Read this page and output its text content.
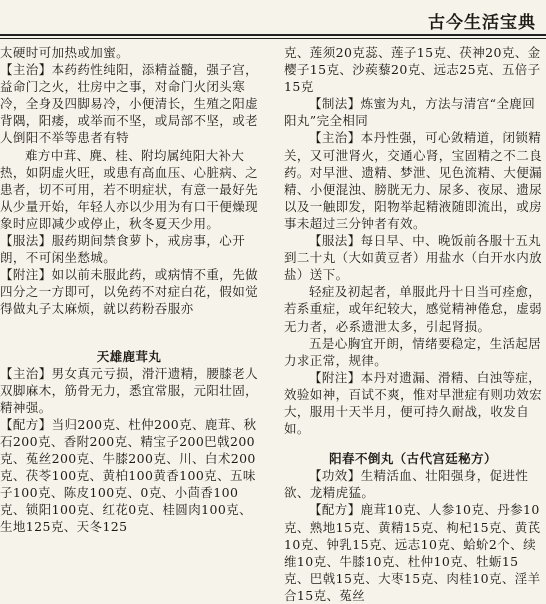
古今生活宝典

太硬时可加热或加蜜。

【主治】本药药性纯阳，添精益髓，强子宫，益命门之火，壮房中之事，对命门火闭头寒冷，全身及四脚易冷，小便清长，生殖之阳虚背隅，阳痿，或举而不坚，或局部不坚，或老人倒阳不举等患者有特

难方中茸、麂、桂、附均属纯阳大补大热，如阴虚火旺，或患有高血压、心脏病、之患者，切不可用，若不明症状，有意一最好先从少量开始，年轻人亦以少用为有口干便燥现象时应即减少或停止，秋冬夏天少用。

【服法】服药期间禁食萝卜，戒房事，心开朗，不可闲坐愁城。

【附注】如以前未服此药，或病情不重，先做四分之一方即可，以免药不对症白花，假如觉得做丸子太麻烦，就以药粉吞服亦

天雄鹿茸丸

【主治】男女真元亏损，滑汗遗精，腰膝老人双脚麻木，筋骨无力，悉宜常服，元阳壮固，精神强。

【配方】当归200克、杜仲200克、鹿茸、秋石200克、香附200克、精宝子200巴戟200克、菟丝200克、牛膝200克、川、白术200克、茯苓100克、黄柏100黄香100克、五味子100克、陈皮100克、0克、小茴香100克、锁阳100克、红花0克、桂圆肉100克、生地125克、天冬125

克、莲须20克蕊、莲子15克、茯神20克、金樱子15克、沙蒺藜20克、远志25克、五倍子15克

【制法】炼蜜为丸，方法与清宫“全鹿回阳丸”完全相同

【主治】本丹性强，可心敛精道，闭锁精关，又可泄肾火，交通心肾，宝固精之不二良药。对早泄、遗精、梦泄、见色流精、大便漏精、小便混浊、膀胱无力、尿多、夜尿、遗尿以及一触即发，阳物举起精液随即流出，或房事未超过三分钟者有效。

【服法】每日早、中、晚饭前各服十五丸到二十丸（大如黄豆者）用盐水（白开水内放盐）送下。

轻症及初起者，单服此丹十日当可痊愈，若系重症，或年纪较大，感觉精神倦怠，虚弱无力者，必系遗泄太多，引起肾损。

五是心胸宜开朗，情绪要稳定，生活起居力求正常，规律。

【附注】本丹对遗漏、滑精、白浊等症，效验如神，百试不爽，惟对早泄症有则功效宏大，服用十天半月，便可持久耐战，收发自如。

阳春不倒丸（古代宫廷秘方）

【功效】生精活血、壮阳强身，促进性欲、龙精虎猛。

【配方】鹿茸10克、人参10克、丹参10克、熟地15克、黄精15克、枸杞15克、黄芪10克、钟乳15克、远志10克、蛤蚧2个、续维10克、牛膝10克、杜仲10克、牡蛎15克、巴戟15克、大枣15克、肉桂10克、淫羊合15克、菟丝
